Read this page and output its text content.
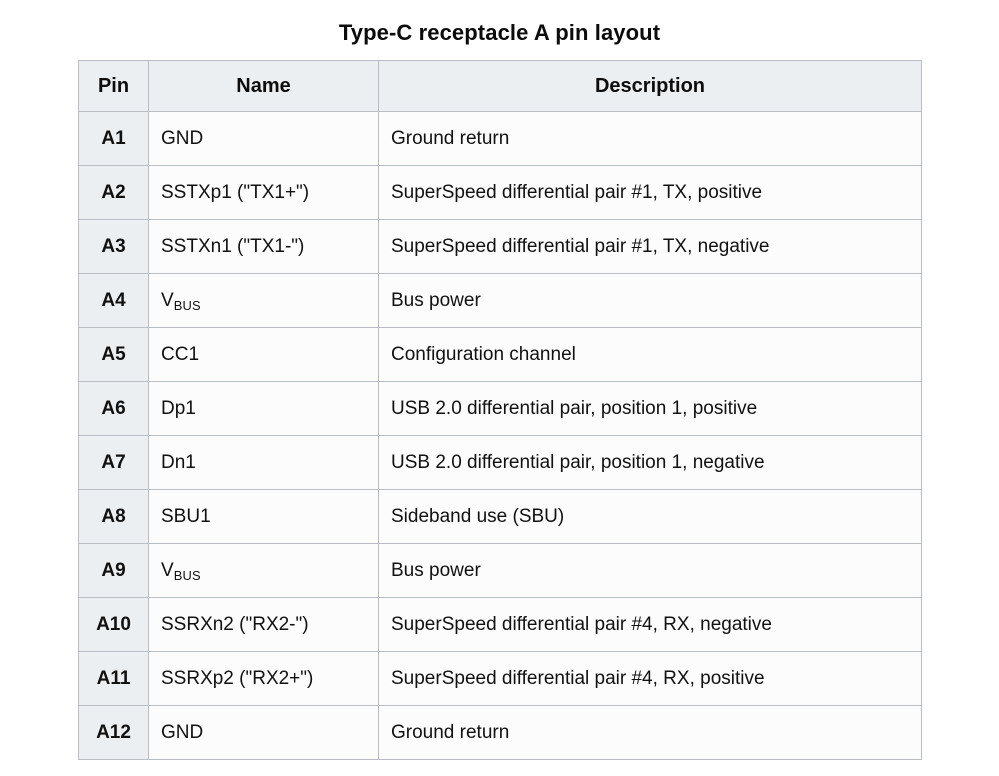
Type-C receptacle A pin layout
Pin	Name	Description
A1	GND	Ground return
A2	SSTXp1 ("TX1+")	SuperSpeed differential pair #1, TX, positive
A3	SSTXn1 ("TX1-")	SuperSpeed differential pair #1, TX, negative
A4	$V_{BUS}$	Bus power
A5	CC1	Configuration channel
A6	Dp1	USB 2.0 differential pair, position 1, positive
A7	Dn1	USB 2.0 differential pair, position 1, negative
A8	SBU1	Sideband use (SBU)
A9	$V_{BUS}$	Bus power
A10	SSRXn2 ("RX2-")	SuperSpeed differential pair #4, RX, negative
A11	SSRXp2 ("RX2+")	SuperSpeed differential pair #4, RX, positive
A12	GND	Ground return
